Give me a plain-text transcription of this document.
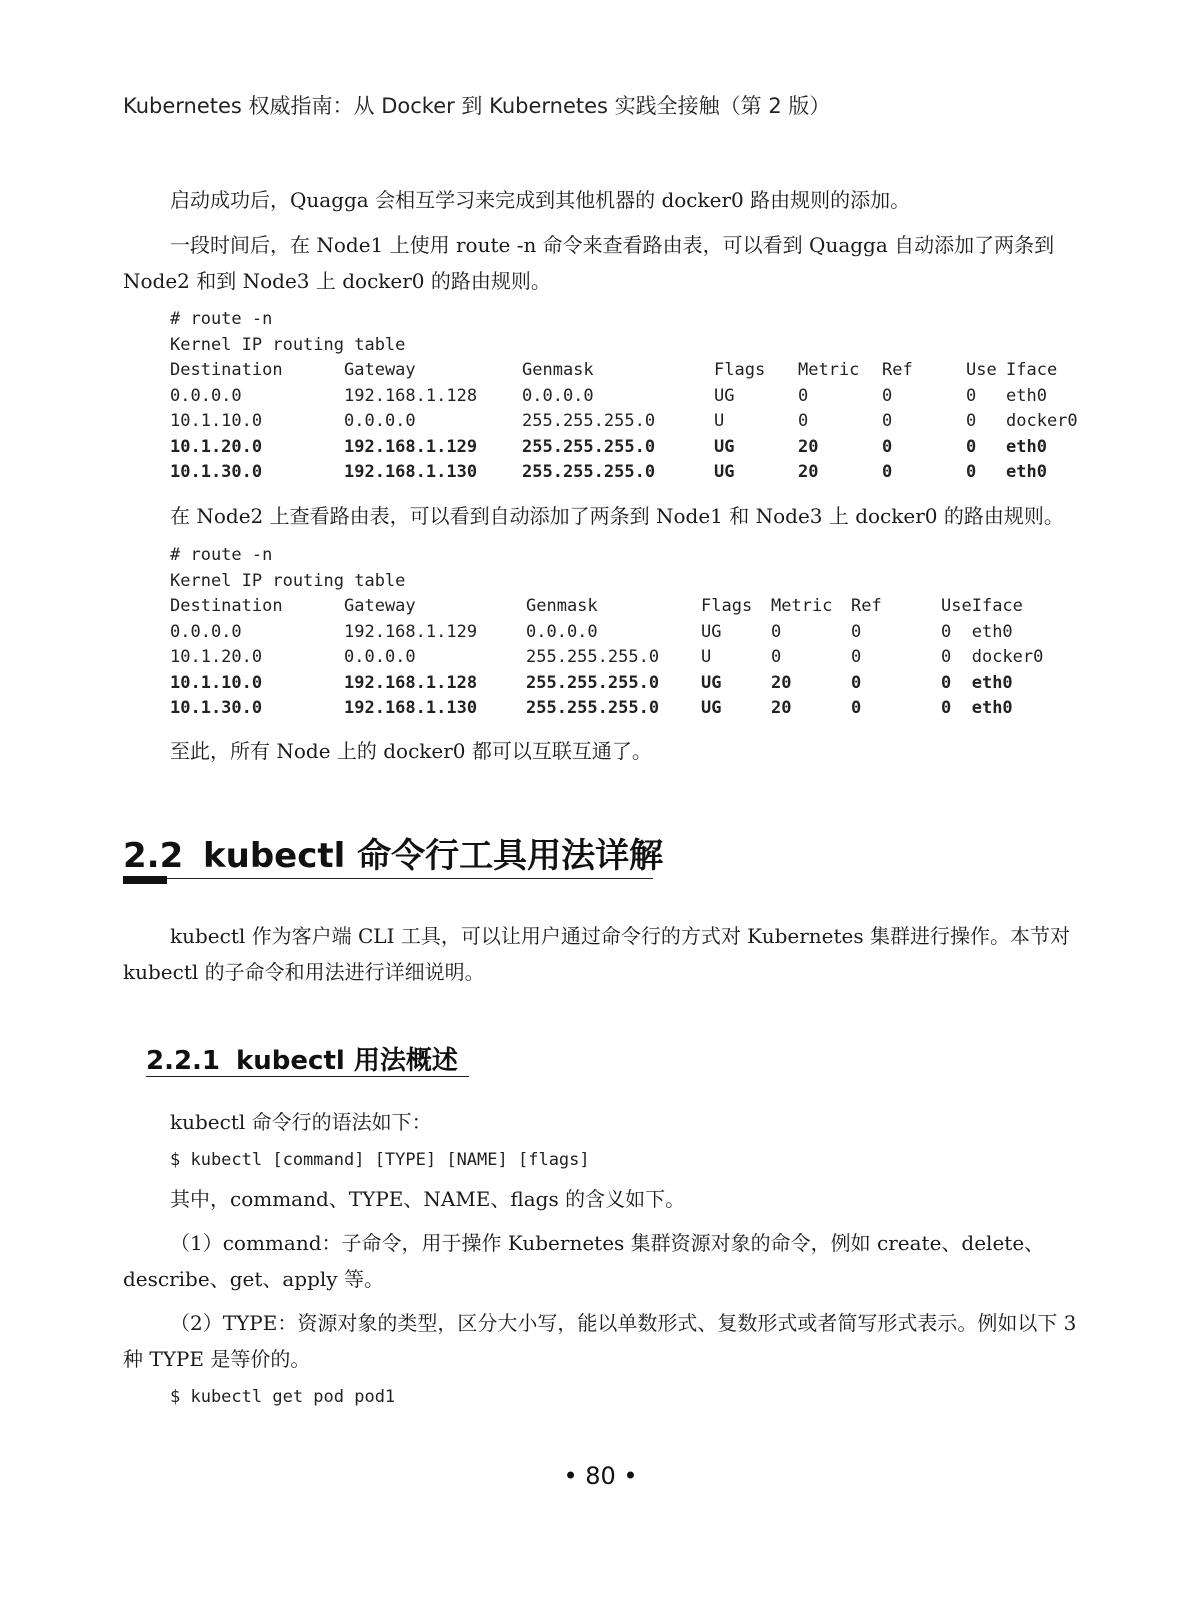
Kubernetes 权威指南：从 Docker 到 Kubernetes 实践全接触（第 2 版）

启动成功后，Quagga 会相互学习来完成到其他机器的 docker0 路由规则的添加。

一段时间后，在 Node1 上使用 route -n 命令来查看路由表，可以看到 Quagga 自动添加了两条到 Node2 和到 Node3 上 docker0 的路由规则。

# route -n
Kernel IP routing table
Destination	Gateway	Genmask	Flags	Metric	Ref	Use	Iface
0.0.0.0	192.168.1.128	0.0.0.0	UG	0	0	0	eth0
10.1.10.0	0.0.0.0	255.255.255.0	U	0	0	0	docker0
10.1.20.0	192.168.1.129	255.255.255.0	UG	20	0	0	eth0
10.1.30.0	192.168.1.130	255.255.255.0	UG	20	0	0	eth0

在 Node2 上查看路由表，可以看到自动添加了两条到 Node1 和 Node3 上 docker0 的路由规则。

# route -n
Kernel IP routing table
Destination	Gateway	Genmask	Flags	Metric	Ref	Use	Iface
0.0.0.0	192.168.1.129	0.0.0.0	UG	0	0	0	eth0
10.1.20.0	0.0.0.0	255.255.255.0	U	0	0	0	docker0
10.1.10.0	192.168.1.128	255.255.255.0	UG	20	0	0	eth0
10.1.30.0	192.168.1.130	255.255.255.0	UG	20	0	0	eth0

至此，所有 Node 上的 docker0 都可以互联互通了。

2.2 kubectl 命令行工具用法详解

kubectl 作为客户端 CLI 工具，可以让用户通过命令行的方式对 Kubernetes 集群进行操作。本节对 kubectl 的子命令和用法进行详细说明。

2.2.1 kubectl 用法概述

kubectl 命令行的语法如下：

$ kubectl [command] [TYPE] [NAME] [flags]

其中，command、TYPE、NAME、flags 的含义如下。

（1）command：子命令，用于操作 Kubernetes 集群资源对象的命令，例如 create、delete、describe、get、apply 等。

（2）TYPE：资源对象的类型，区分大小写，能以单数形式、复数形式或者简写形式表示。例如以下 3 种 TYPE 是等价的。

$ kubectl get pod pod1
• 80 •
